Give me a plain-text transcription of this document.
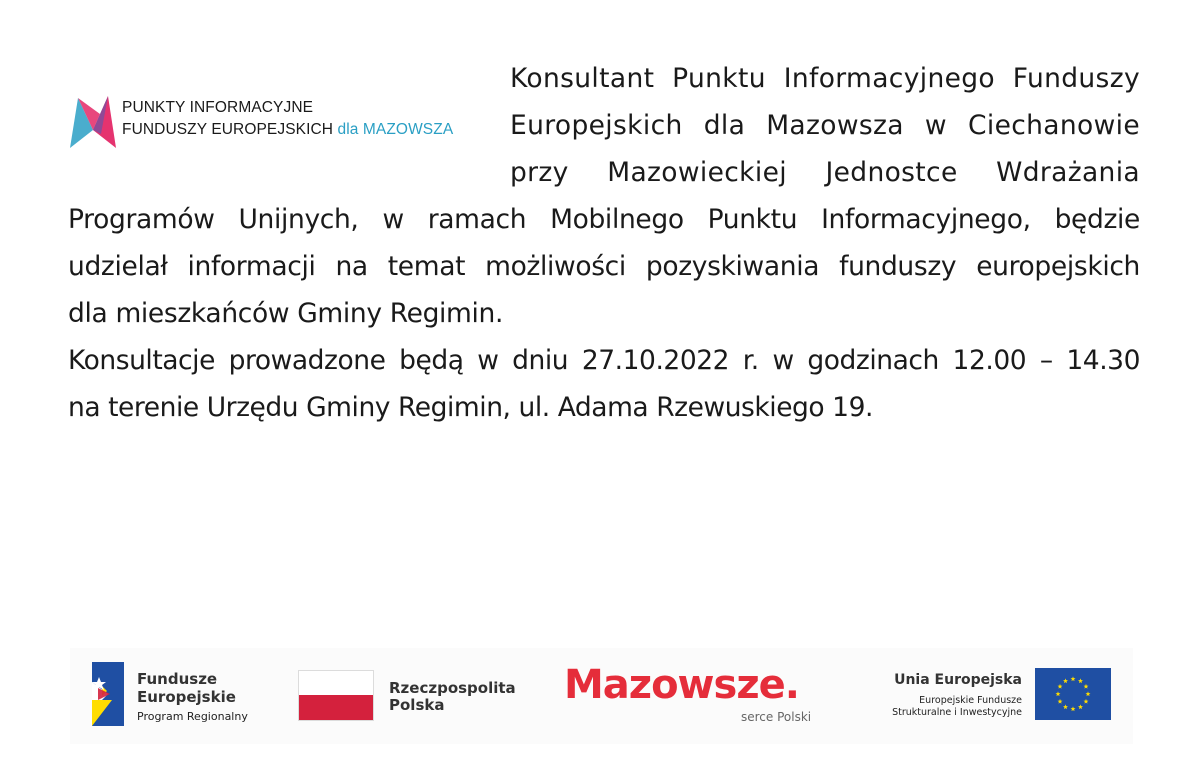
PUNKTY INFORMACYJNE
FUNDUSZY EUROPEJSKICH dla MAZOWSZA
Konsultant Punktu Informacyjnego Funduszy
Europejskich dla Mazowsza w Ciechanowie
przy Mazowieckiej Jednostce Wdrażania
Programów Unijnych, w ramach Mobilnego Punktu Informacyjnego, będzie
udzielał informacji na temat możliwości pozyskiwania funduszy europejskich
dla mieszkańców Gminy Regimin.
Konsultacje prowadzone będą w dniu 27.10.2022 r. w godzinach 12.00 – 14.30
na terenie Urzędu Gminy Regimin, ul. Adama Rzewuskiego 19.
Fundusze
Europejskie
Program Regionalny
Rzeczpospolita
Polska	Mazowsze.
serce Polski
Unia Europejska
Europejskie Fundusze
Strukturalne i Inwestycyjne
